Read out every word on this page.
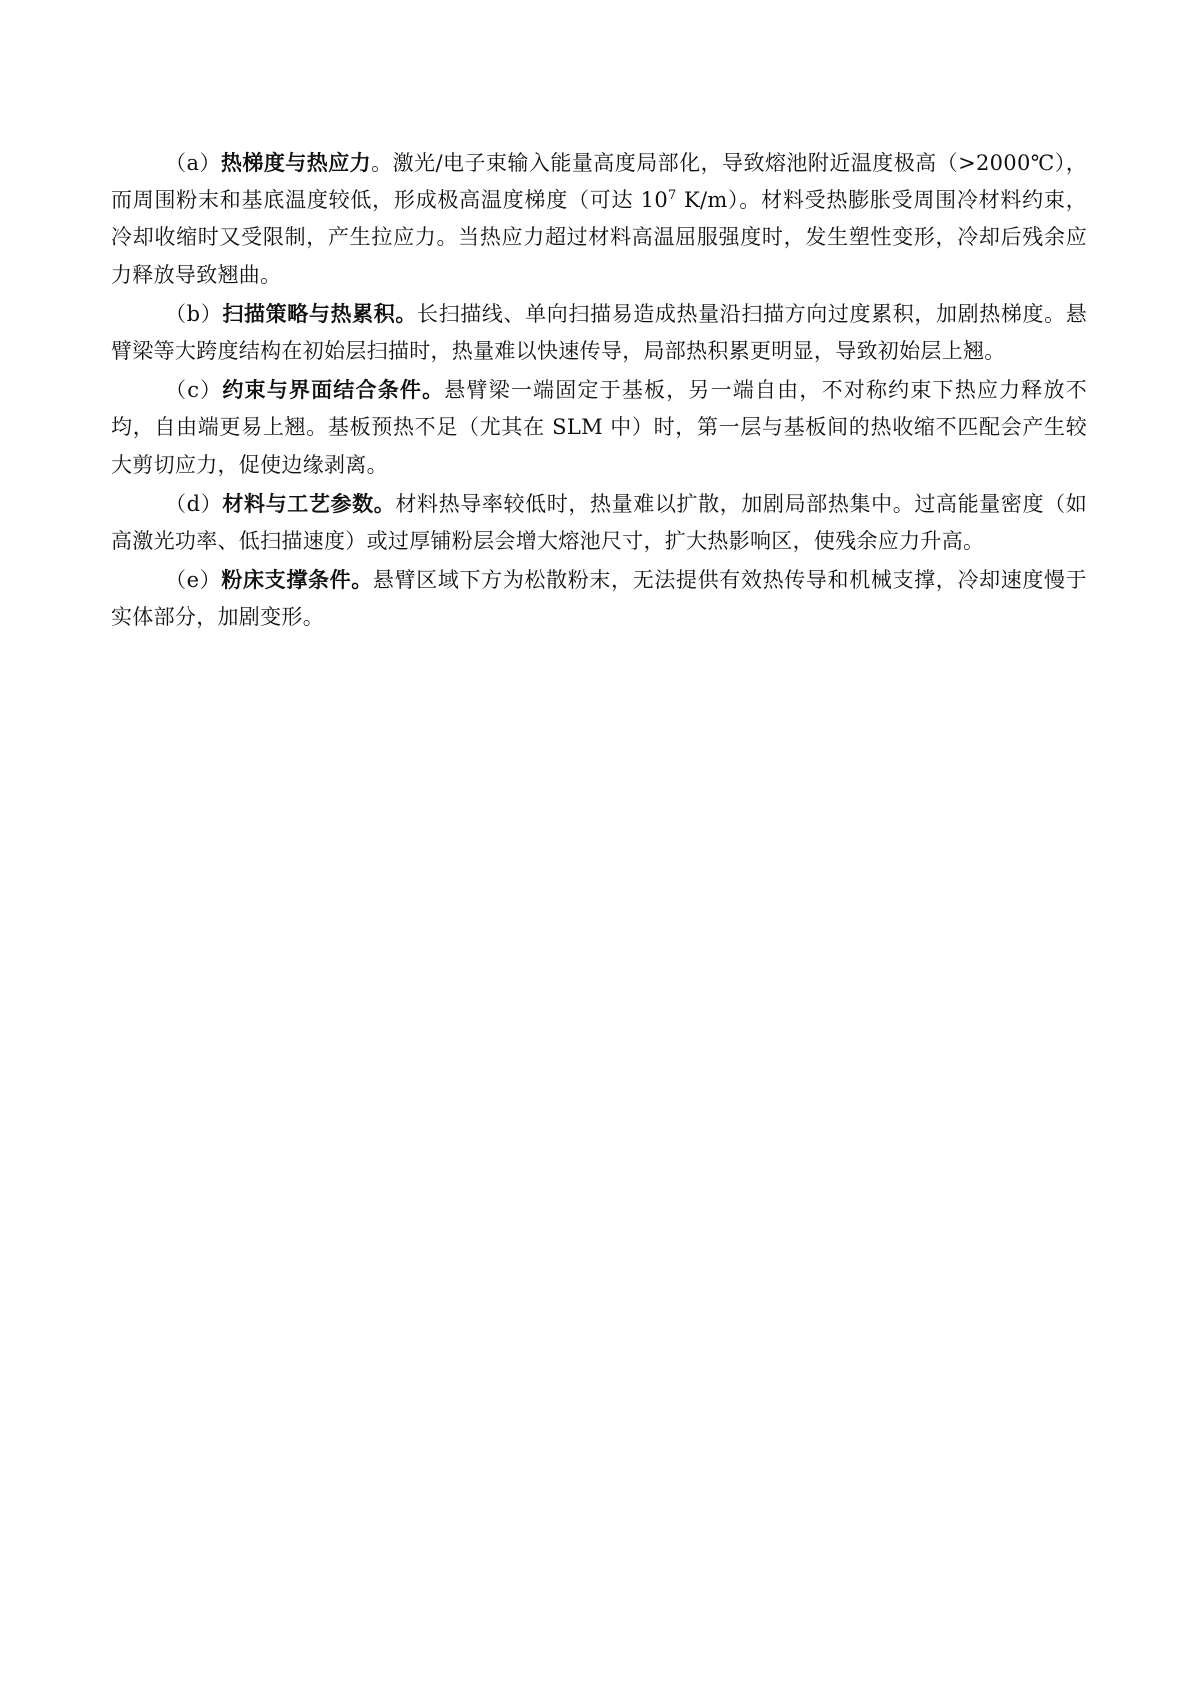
（a）热梯度与热应力。激光/电子束输入能量高度局部化，导致熔池附近温度极高（>2000℃），而周围粉末和基底温度较低，形成极高温度梯度（可达 $10^7$ K/m）。材料受热膨胀受周围冷材料约束，冷却收缩时又受限制，产生拉应力。当热应力超过材料高温屈服强度时，发生塑性变形，冷却后残余应力释放导致翘曲。

（b）扫描策略与热累积。长扫描线、单向扫描易造成热量沿扫描方向过度累积，加剧热梯度。悬臂梁等大跨度结构在初始层扫描时，热量难以快速传导，局部热积累更明显，导致初始层上翘。

（c）约束与界面结合条件。悬臂梁一端固定于基板，另一端自由，不对称约束下热应力释放不均，自由端更易上翘。基板预热不足（尤其在 SLM 中）时，第一层与基板间的热收缩不匹配会产生较大剪切应力，促使边缘剥离。

（d）材料与工艺参数。材料热导率较低时，热量难以扩散，加剧局部热集中。过高能量密度（如高激光功率、低扫描速度）或过厚铺粉层会增大熔池尺寸，扩大热影响区，使残余应力升高。

（e）粉床支撑条件。悬臂区域下方为松散粉末，无法提供有效热传导和机械支撑，冷却速度慢于实体部分，加剧变形。
